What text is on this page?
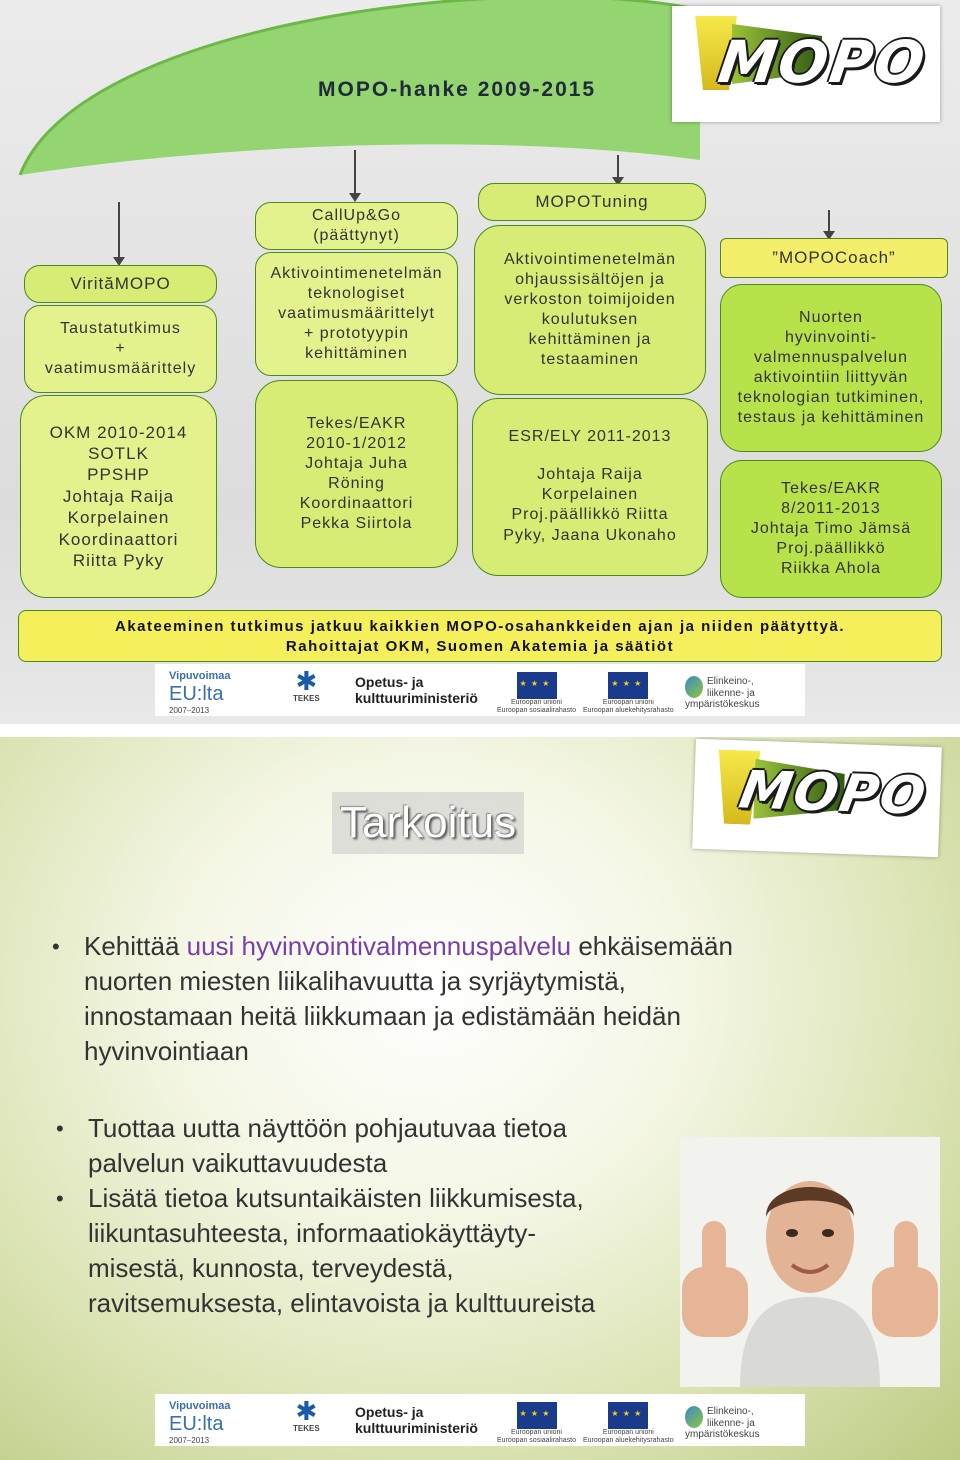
MOPO-hanke 2009-2015 MOPO
VirităMOPO
Taustatutkimus
+
vaatimusmäärittely
OKM 2010-2014
SOTLK
PPSHP
Johtaja Raija
Korpelainen
Koordinaattori
Riitta Pyky
CallUp&Go
(päättynyt)
Aktivointimenetelmän
teknologiset
vaatimusmäärittelyt
+ prototyypin
kehittäminen
Tekes/EAKR
2010-1/2012
Johtaja Juha
Röning
Koordinaattori
Pekka Siirtola
MOPOTuning
Aktivointimenetelmän
ohjaussisältöjen ja
verkoston toimijoiden
koulutuksen
kehittäminen ja
testaaminen
ESR/ELY 2011-2013
Johtaja Raija
Korpelainen
Proj.päällikkö Riitta
Pyky, Jaana Ukonaho
”MOPOCoach”
Nuorten
hyvinvointi-
valmennuspalvelun
aktivointiin liittyvän
teknologian tutkiminen,
testaus ja kehittäminen
Tekes/EAKR
8/2011-2013
Johtaja Timo Jämsä
Proj.päällikkö
Riikka Ahola
Akateeminen tutkimus jatkuu kaikkien MOPO-osahankkeiden ajan ja niiden päätyttyä.
Rahoittajat OKM, Suomen Akatemia ja säätiöt
Vipuvoimaa
EU:lta
2007–2013
✱
TEKES
Opetus- ja
kulttuuriministeriö
★ ★ ★	Euroopan unioni
Euroopan sosiaalirahasto
★ ★ ★
Euroopan unioni
Euroopan aluekehitysrahasto
Elinkeino-, liikenne- ja
ympäristökeskus
Tarkoitus	MOPO
• Kehittää uusi hyvinvointivalmennuspalvelu ehkäisemään
nuorten miesten liikalihavuutta ja syrjäytymistä,
innostamaan heitä liikkumaan ja edistämään heidän
hyvinvointiaan
• Tuottaa uutta näyttöön pohjautuvaa tietoa
palvelun vaikuttavuudesta
• Lisätä tietoa kutsuntaikäisten liikkumisesta,
liikuntasuhteesta, informaatiokäyttäyty-
misestä, kunnosta, terveydestä,
ravitsemuksesta, elintavoista ja kulttuureista
Vipuvoimaa
EU:lta
2007–2013
✱
TEKES
Opetus- ja
kulttuuriministeriö
★ ★ ★	Euroopan unioni
Euroopan sosiaalirahasto
★ ★ ★
Euroopan unioni
Euroopan aluekehitysrahasto
Elinkeino-, liikenne- ja
ympäristökeskus
